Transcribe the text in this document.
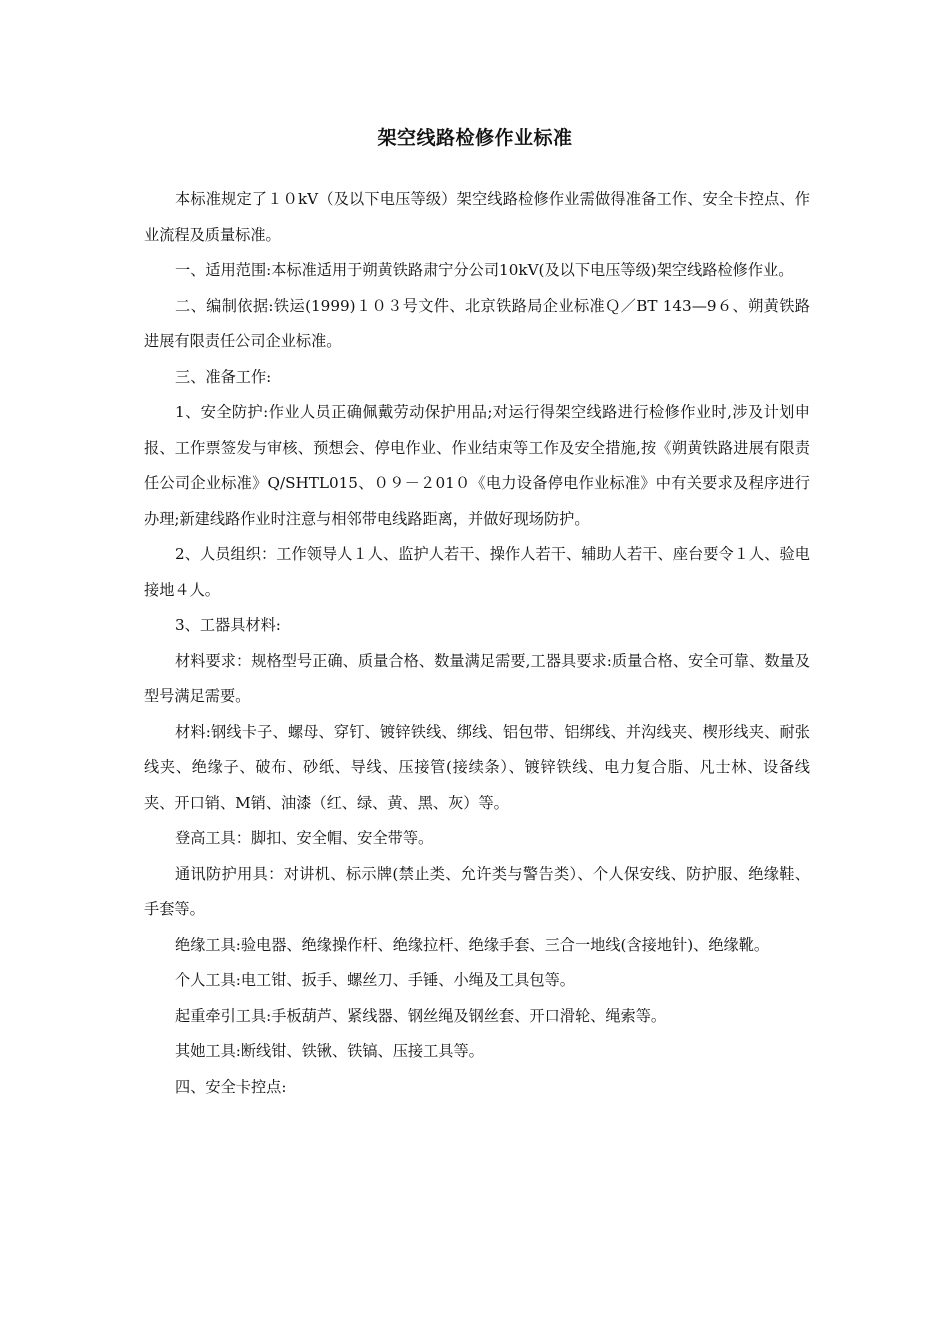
架空线路检修作业标准

本标准规定了１０kV（及以下电压等级）架空线路检修作业需做得准备工作、安全卡控点、作业流程及质量标准。

一、适用范围:本标准适用于朔黄铁路肃宁分公司10kV(及以下电压等级)架空线路检修作业。

二、编制依据:铁运(1999)１０３号文件、北京铁路局企业标准Ｑ／BT 143—9６、朔黄铁路进展有限责任公司企业标准。

三、准备工作:

1、安全防护:作业人员正确佩戴劳动保护用品;对运行得架空线路进行检修作业时,涉及计划申报、工作票签发与审核、预想会、停电作业、作业结束等工作及安全措施,按《朔黄铁路进展有限责任公司企业标准》Q/SHTL015、０９－２01０《电力设备停电作业标准》中有关要求及程序进行办理;新建线路作业时注意与相邻带电线路距离，并做好现场防护。

2、人员组织：工作领导人１人、监护人若干、操作人若干、辅助人若干、座台要令１人、验电接地４人。

3、工器具材料:

材料要求：规格型号正确、质量合格、数量满足需要,工器具要求:质量合格、安全可靠、数量及型号满足需要。

材料:钢线卡子、螺母、穿钉、镀锌铁线、绑线、铝包带、铝绑线、并沟线夹、楔形线夹、耐张线夹、绝缘子、破布、砂纸、导线、压接管(接续条）、镀锌铁线、电力复合脂、凡士林、设备线夹、开口销、M销、油漆（红、绿、黄、黑、灰）等。

登高工具：脚扣、安全帽、安全带等。

通讯防护用具：对讲机、标示牌(禁止类、允许类与警告类）、个人保安线、防护服、绝缘鞋、手套等。

绝缘工具:验电器、绝缘操作杆、绝缘拉杆、绝缘手套、三合一地线(含接地针)、绝缘靴。

个人工具:电工钳、扳手、螺丝刀、手锤、小绳及工具包等。

起重牵引工具:手板葫芦、紧线器、钢丝绳及钢丝套、开口滑轮、绳索等。

其她工具:断线钳、铁锹、铁镐、压接工具等。

四、安全卡控点:
